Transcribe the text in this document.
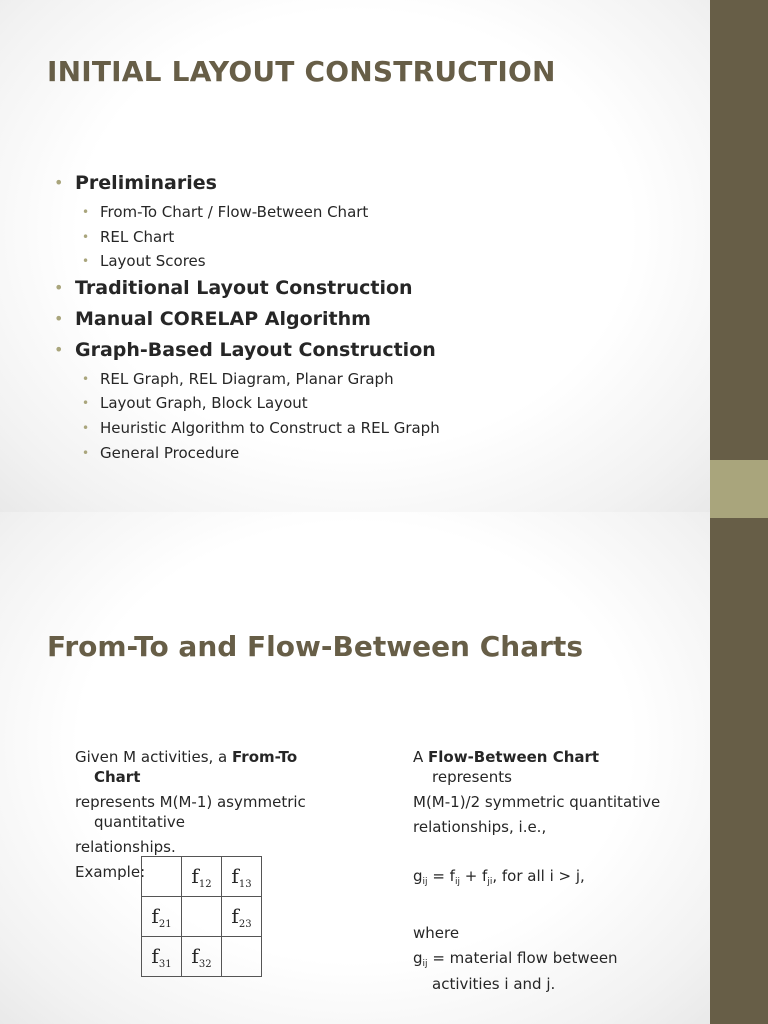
INITIAL LAYOUT CONSTRUCTION
• Preliminaries
• From-To Chart / Flow-Between Chart
• REL Chart
• Layout Scores
• Traditional Layout Construction
• Manual CORELAP Algorithm
• Graph-Based Layout Construction
• REL Graph, REL Diagram, Planar Graph
• Layout Graph, Block Layout
• Heuristic Algorithm to Construct a REL Graph
• General Procedure
From-To and Flow-Between Charts

Given M activities, a From-To

Chart

represents M(M-1) asymmetric

quantitative

relationships.

Example:

		$f_{12}$	$f_{13}$
$f_{21}$		$f_{23}$
$f_{31}$	$f_{32}$	

A Flow-Between Chart

represents

M(M-1)/2 symmetric quantitative

relationships, i.e.,

$g_{ij} = f_{ij} + f_{ji}$, for all i > j,

where

$g_{ij}$ = material flow between

activities i and j.
